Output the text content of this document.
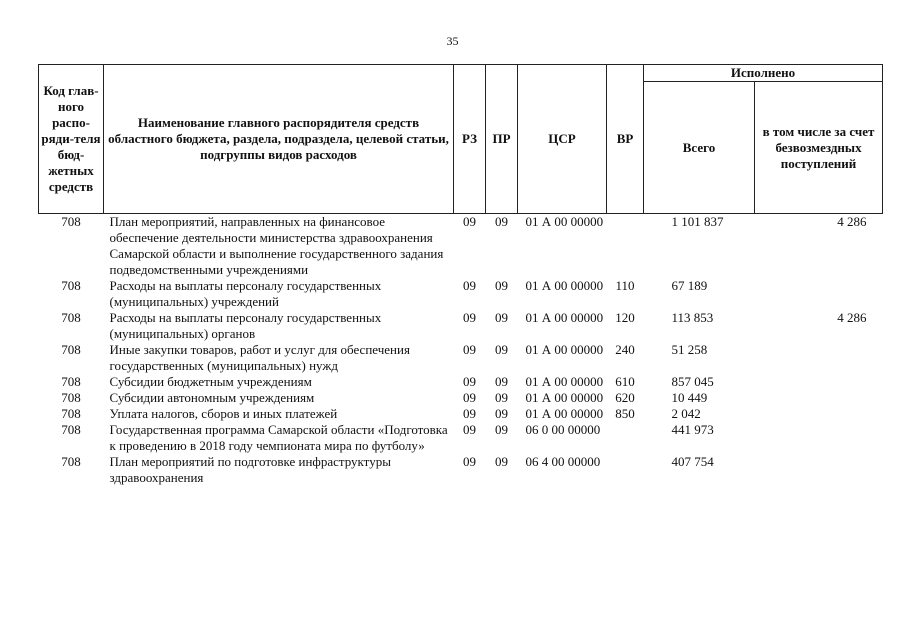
35
Код глав-ного распо-ряди-теля бюд-жетных средств	Наименование главного распорядителя средств областного бюджета, раздела, подраздела, целевой статьи, подгруппы видов расходов	РЗ	ПР	ЦСР	ВР	Исполнено	
						Всего	в том числе за счет безвозмездных поступлений
708	План мероприятий, направленных на финансовое обеспечение деятельности министерства здравоохранения Самарской области и выполнение государственного задания подведомственными учреждениями	09	09	01 А 00 00000		1 101 837	4 286
708	Расходы на выплаты персоналу государственных (муниципальных) учреждений	09	09	01 А 00 00000	110	67 189	
708	Расходы на выплаты персоналу государственных (муниципальных) органов	09	09	01 А 00 00000	120	113 853	4 286
708	Иные закупки товаров, работ и услуг для обеспечения государственных (муниципальных) нужд	09	09	01 А 00 00000	240	51 258	
708	Субсидии бюджетным учреждениям	09	09	01 А 00 00000	610	857 045	
708	Субсидии автономным учреждениям	09	09	01 А 00 00000	620	10 449	
708	Уплата налогов, сборов и иных платежей	09	09	01 А 00 00000	850	2 042	
708	Государственная программа Самарской области «Подготовка к проведению в 2018 году чемпионата мира по футболу»	09	09	06 0 00 00000		441 973	
708	План мероприятий по подготовке инфраструктуры здравоохранения	09	09	06 4 00 00000		407 754	
